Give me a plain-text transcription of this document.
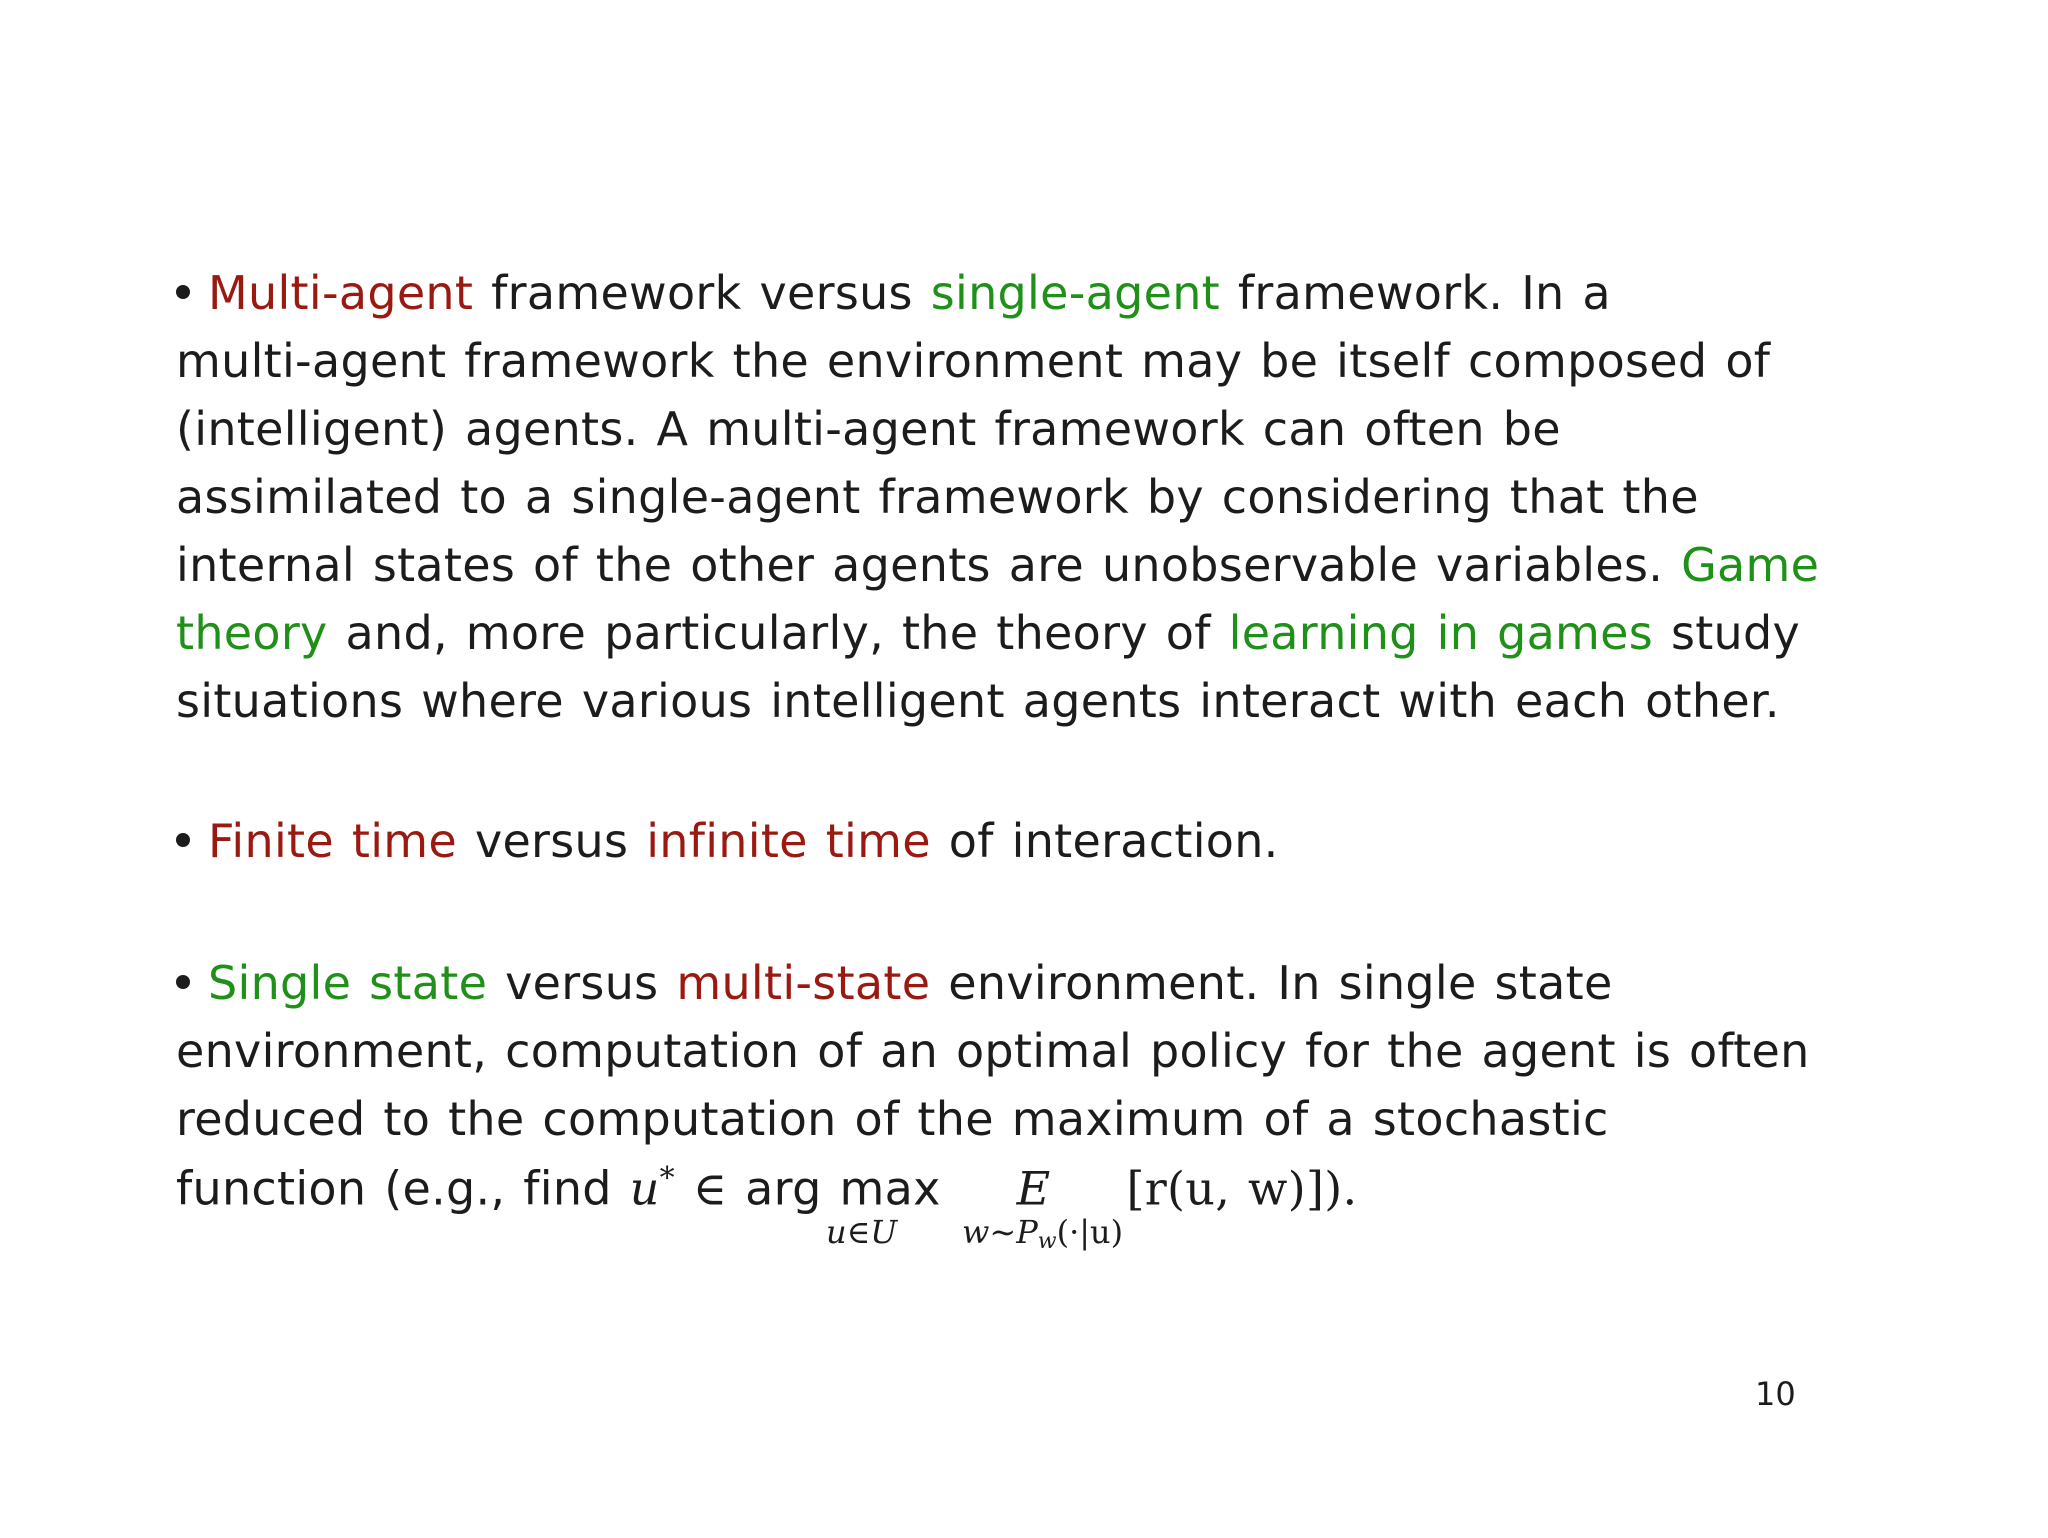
Multi-agent framework versus single-agent framework. In a
multi-agent framework the environment may be itself composed of
(intelligent) agents. A multi-agent framework can often be
assimilated to a single-agent framework by considering that the
internal states of the other agents are unobservable variables. Game
theory and, more particularly, the theory of learning in games study
situations where various intelligent agents interact with each other.
Finite time versus infinite time of interaction.
Single state versus multi-state environment. In single state
environment, computation of an optimal policy for the agent is often
reduced to the computation of the maximum of a stochastic
function (e.g., find u* ∈ arg max E [r(u, w)]).
u∈U $w\sim P_w(\cdot|u)$
10
